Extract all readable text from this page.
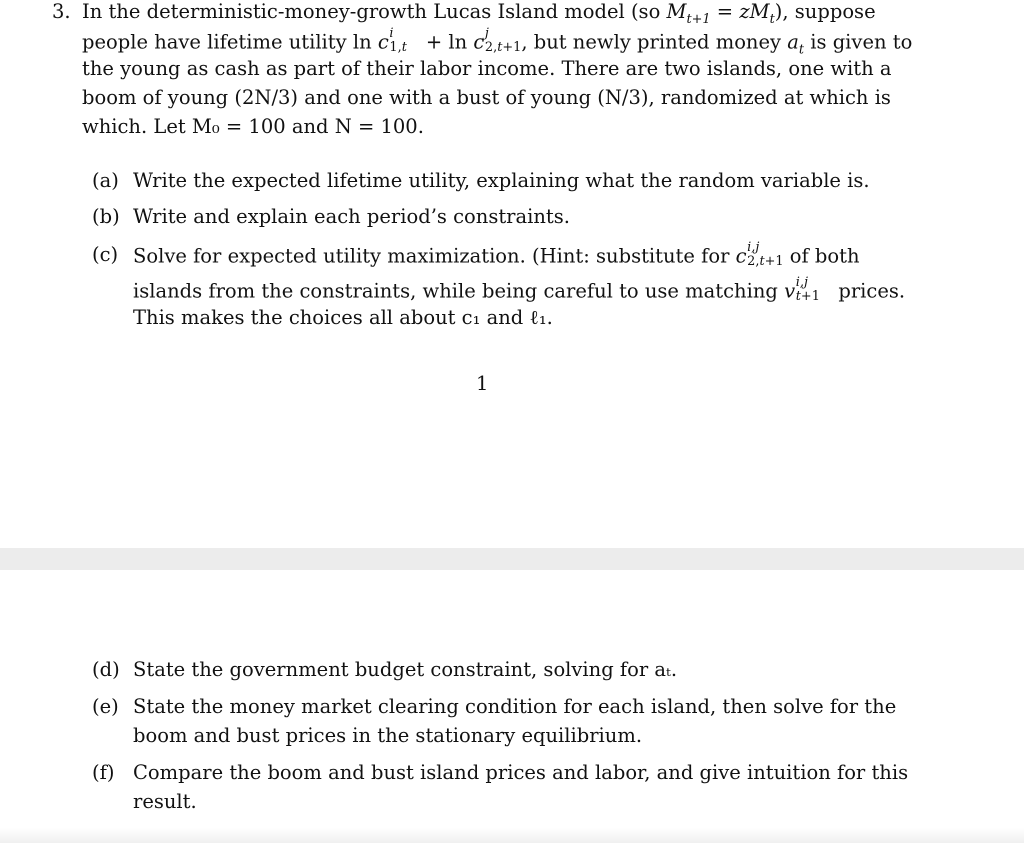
3. In the deterministic-money-growth Lucas Island model (so $M_{t+1} = zM_t$), suppose
people have lifetime utility ln c i
1,t + ln c j
2,t+1 , but newly printed money $a_t$ is given to
the young as cash as part of their labor income. There are two islands, one with a
boom of young (2N/3) and one with a bust of young (N/3), randomized at which is
which. Let M₀ = 100 and N = 100.
(a) Write the expected lifetime utility, explaining what the random variable is.
(b) Write and explain each period’s constraints.
(c) Solve for expected utility maximization. (Hint: substitute for c i,j
2,t+1 of both
islands from the constraints, while being careful to use matching v i,j
t+1 prices.
This makes the choices all about c₁ and ℓ₁.
1
(d) State the government budget constraint, solving for aₜ.
(e) State the money market clearing condition for each island, then solve for the
boom and bust prices in the stationary equilibrium.
(f) Compare the boom and bust island prices and labor, and give intuition for this
result.
